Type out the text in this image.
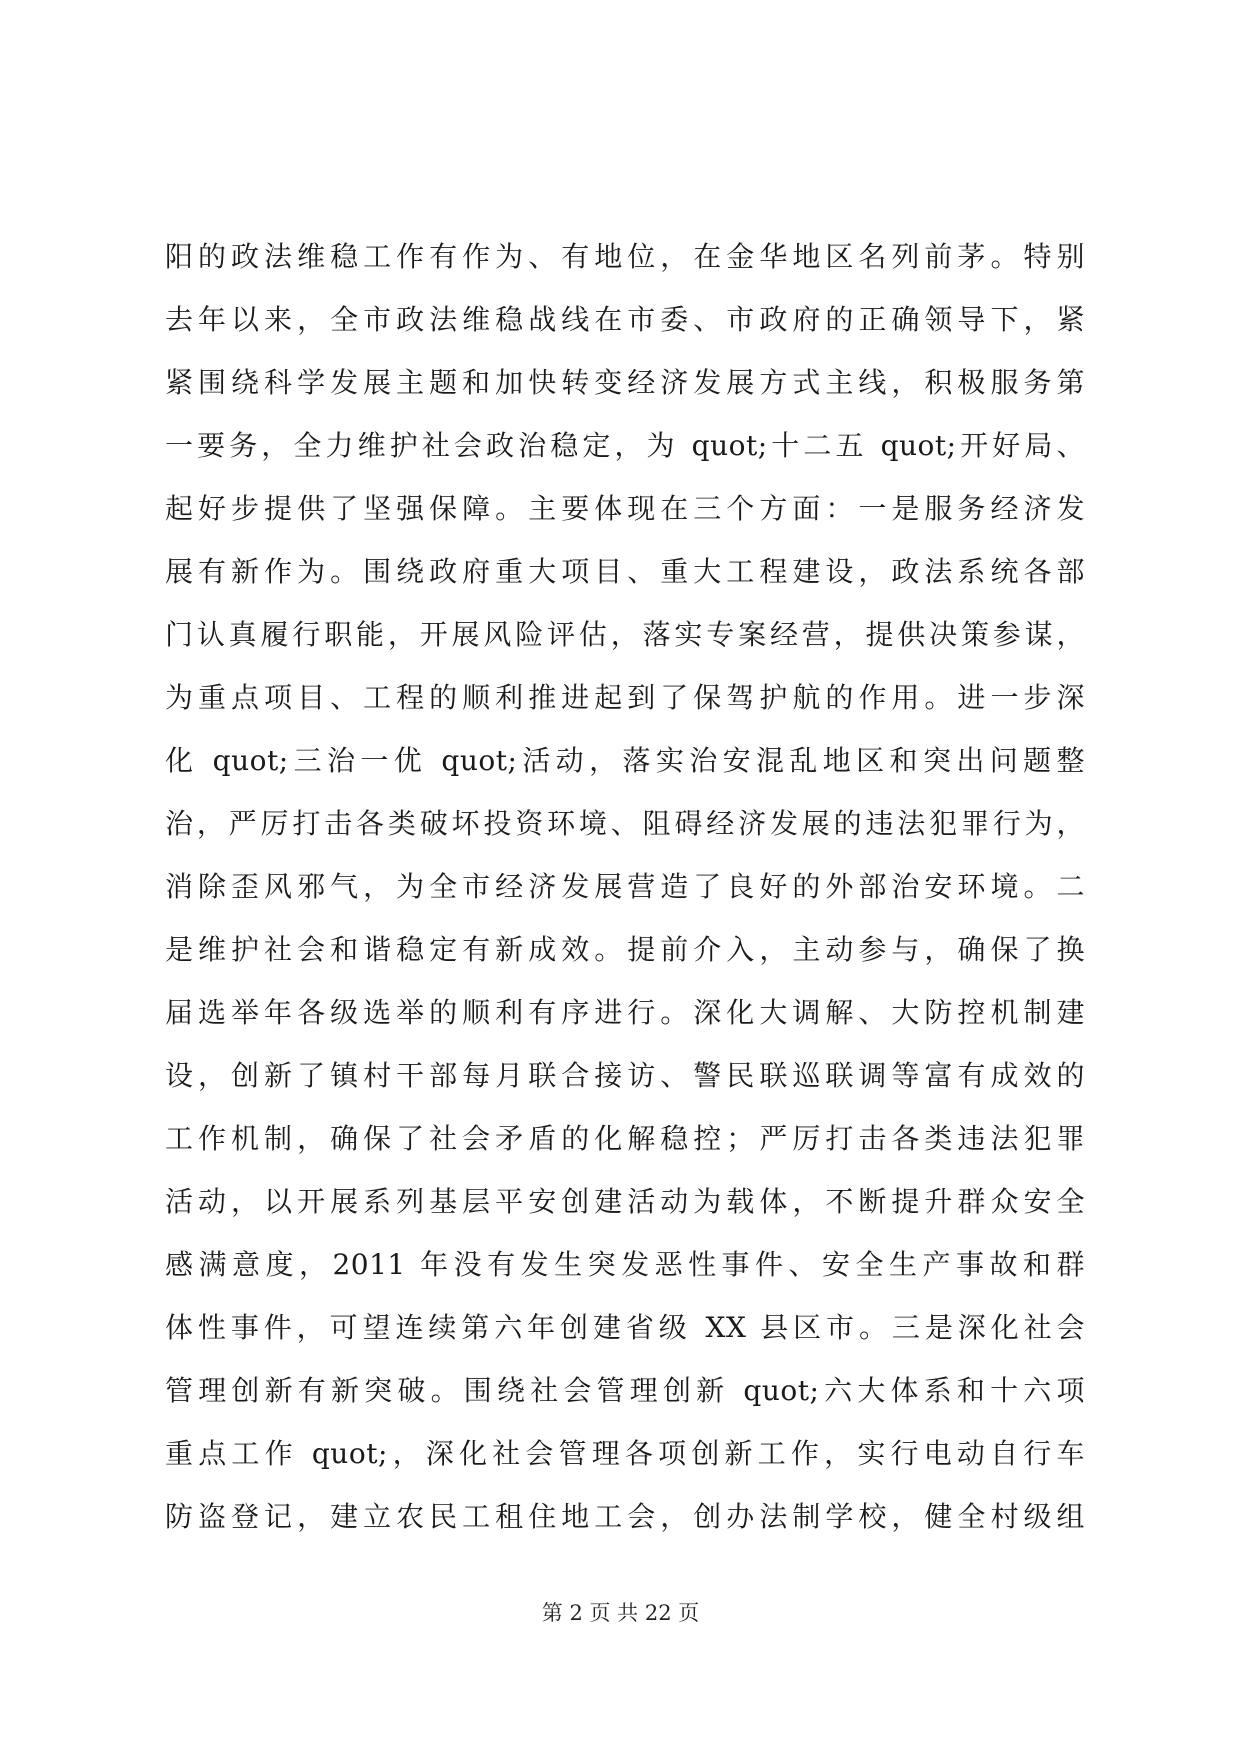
阳的政法维稳工作有作为、有地位，在金华地区名列前茅。特别
去年以来，全市政法维稳战线在市委、市政府的正确领导下，紧
紧围绕科学发展主题和加快转变经济发展方式主线，积极服务第
一要务，全力维护社会政治稳定，为 quot;十二五 quot;开好局、
起好步提供了坚强保障。主要体现在三个方面：一是服务经济发
展有新作为。围绕政府重大项目、重大工程建设，政法系统各部
门认真履行职能，开展风险评估，落实专案经营，提供决策参谋，
为重点项目、工程的顺利推进起到了保驾护航的作用。进一步深
化 quot;三治一优 quot;活动，落实治安混乱地区和突出问题整
治，严厉打击各类破坏投资环境、阻碍经济发展的违法犯罪行为，
消除歪风邪气，为全市经济发展营造了良好的外部治安环境。二
是维护社会和谐稳定有新成效。提前介入，主动参与，确保了换
届选举年各级选举的顺利有序进行。深化大调解、大防控机制建
设，创新了镇村干部每月联合接访、警民联巡联调等富有成效的
工作机制，确保了社会矛盾的化解稳控；严厉打击各类违法犯罪
活动，以开展系列基层平安创建活动为载体，不断提升群众安全
感满意度，2011 年没有发生突发恶性事件、安全生产事故和群
体性事件，可望连续第六年创建省级 XX 县区市。三是深化社会
管理创新有新突破。围绕社会管理创新 quot;六大体系和十六项
重点工作 quot;，深化社会管理各项创新工作，实行电动自行车
防盗登记，建立农民工租住地工会，创办法制学校，健全村级组
第 2 页 共 22 页
